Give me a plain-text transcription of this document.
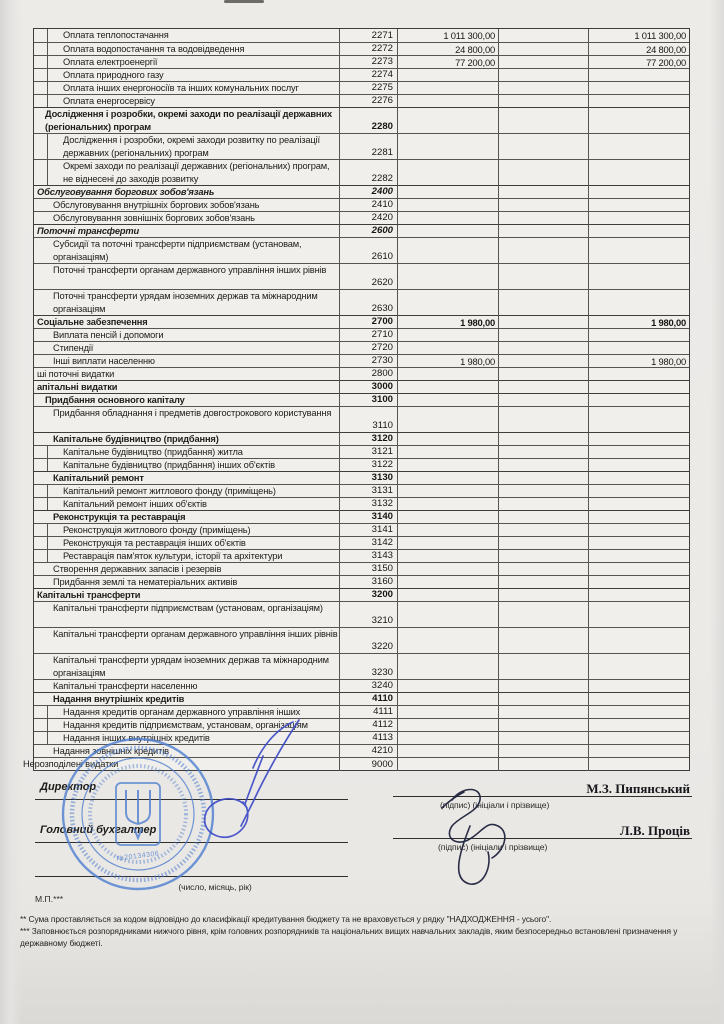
Оплата теплопостачання	2271	1 011 300,00	1 011 300,00
Оплата водопостачання та водовідведення	2272	24 800,00	24 800,00
Оплата електроенергії	2273	77 200,00	77 200,00
Оплата природного газу	2274
Оплата інших енергоносіїв та інших комунальних послуг	2275
Оплата енергосервісу	2276
Дослідження і розробки, окремі заходи по реалізації державних (регіональних) програм	2280
Дослідження і розробки, окремі заходи розвитку по реалізації державних (регіональних) програм	2281
Окремі заходи по реалізації державних (регіональних) програм, не віднесені до заходів розвитку	2282
Обслуговування боргових зобов'язань	2400
Обслуговування внутрішніх боргових зобов'язань	2410
Обслуговування зовнішніх боргових зобов'язань	2420
Поточні трансферти	2600
Субсидії та поточні трансферти підприємствам (установам, організаціям)	2610
Поточні трансферти органам державного управління інших рівнів
2620
Поточні трансферти урядам іноземних держав та міжнародним організаціям	2630
Соціальне забезпечення	2700	1 980,00	1 980,00
Виплата пенсій і допомоги	2710
Стипендії	2720
Інші виплати населенню	2730	1 980,00	1 980,00
ші поточні видатки	2800
апітальні видатки	3000
Придбання основного капіталу	3100
Придбання обладнання і предметів довгострокового користування
3110
Капітальне будівництво (придбання)	3120
Капітальне будівництво (придбання) житла	3121
Капітальне будівництво (придбання) інших об'єктів	3122
Капітальний ремонт	3130
Капітальний ремонт житлового фонду (приміщень)	3131
Капітальний ремонт інших об'єктів	3132
Реконструкція та реставрація	3140
Реконструкція житлового фонду (приміщень)	3141
Реконструкція та реставрація інших об'єктів	3142
Реставрація пам'яток культури, історії та архітектури	3143
Створення державних запасів і резервів	3150
Придбання землі та нематеріальних активів	3160
Капітальні трансферти	3200
Капітальні трансферти підприємствам (установам, організаціям)
3210
Капітальні трансферти органам державного управління інших рівнів
3220
Капітальні трансферти урядам іноземних держав та міжнародним організаціям	3230
Капітальні трансферти населенню	3240
Надання внутрішніх кредитів	4110
Надання кредитів органам державного управління інших	4111
Надання кредитів підприємствам, установам, організаціям	4112
Надання інших внутрішніх кредитів	4113
Надання зовнішніх кредитів	4210
Нерозподілені видатки	9000
Директор	М.З. Пипянський
(підпис) (ініціали і прізвище)
Головний бухгалтер	Л.В. Проців
(підпис) (ініціали і прізвище)
(число, місяць, рік)
М.П.***
** Сума проставляється за кодом відповідно до класифікації кредитування бюджету та не враховується у рядку "НАДХОДЖЕННЯ - усього".
*** Заповнюється розпорядниками нижчого рівня, крім головних розпорядників та національних вищих навчальних закладів, яким безпосередньо встановлені призначення у державному бюджеті.
№20134306
